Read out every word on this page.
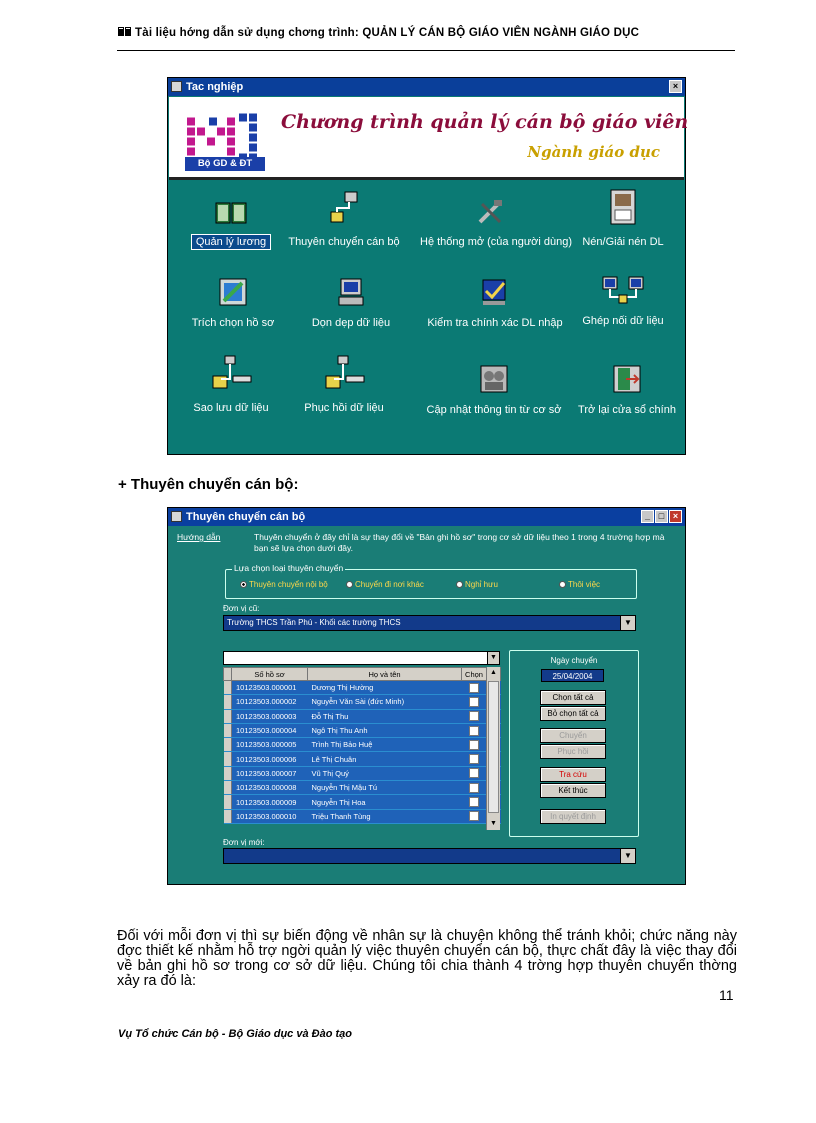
Tài liệu hớng dẫn sử dụng chơng trình: QUẢN LÝ CÁN BỘ GIÁO VIÊN NGÀNH GIÁO DỤC
Tac nghiệp	×
Bộ GD & ĐT
Chương trình quản lý cán bộ giáo viên
Ngành giáo dục
Quản lý lương	Thuyên chuyển cán bộ	Hệ thống mở (của người dùng) Nén/Giải nén DL
Trích chọn hồ sơ	Dọn dẹp dữ liệu	Kiểm tra chính xác DL nhập	Ghép nối dữ liệu
Sao lưu dữ liệu	Phục hồi dữ liệu	Cập nhật thông tin từ cơ sở	Trở lại cửa sổ chính
+ Thuyên chuyển cán bộ:
Thuyên chuyển cán bộ	_ □ ×
Hướng dẫn	Thuyên chuyển ở đây chỉ là sự thay đổi về "Bản ghi hồ sơ" trong cơ sở dữ liệu theo 1 trong 4 trường hợp mà bạn sẽ lựa chọn dưới đây.
Lựa chọn loại thuyên chuyển
Thuyên chuyển nội bộ	Chuyển đi nơi khác	Nghỉ hưu	Thôi việc
Đơn vị cũ:
Trường THCS Trần Phú - Khối các trường THCS	▼
▼
	Số hồ sơ	Họ và tên	Chọn	
	10123503.000001	Dương Thị Hường		
	10123503.000002	Nguyễn Văn Sài (đức Minh)		
	10123503.000003	Đỗ Thị Thu		
	10123503.000004	Ngô Thị Thu Anh		
	10123503.000005	Trình Thị Bảo Huệ		
	10123503.000006	Lê Thị Chuân		
	10123503.000007	Vũ Thị Quý		
	10123503.000008	Nguyễn Thị Mậu Tú		
	10123503.000009	Nguyễn Thị Hoa		
	10123503.000010	Triệu Thanh Tùng		
▲
▼
Ngày chuyển
25/04/2004
Chọn tất cả
Bỏ chọn tất cả
Chuyển
Phục hồi
Tra cứu
Kết thúc
In quyết định
Đơn vị mới:
▼
Đối với mỗi đơn vị thì sự biến động về nhân sự là chuyện không thể tránh khỏi; chức năng này đợc thiết kế nhằm hỗ trợ ngời quản lý việc thuyên chuyển cán bộ, thực chất đây là việc thay đổi về bản ghi hồ sơ trong cơ sở dữ liệu. Chúng tôi chia thành 4 trờng hợp thuyên chuyển thờng xảy ra đó là:
11
Vụ Tổ chức Cán bộ - Bộ Giáo dục và Đào tạo
